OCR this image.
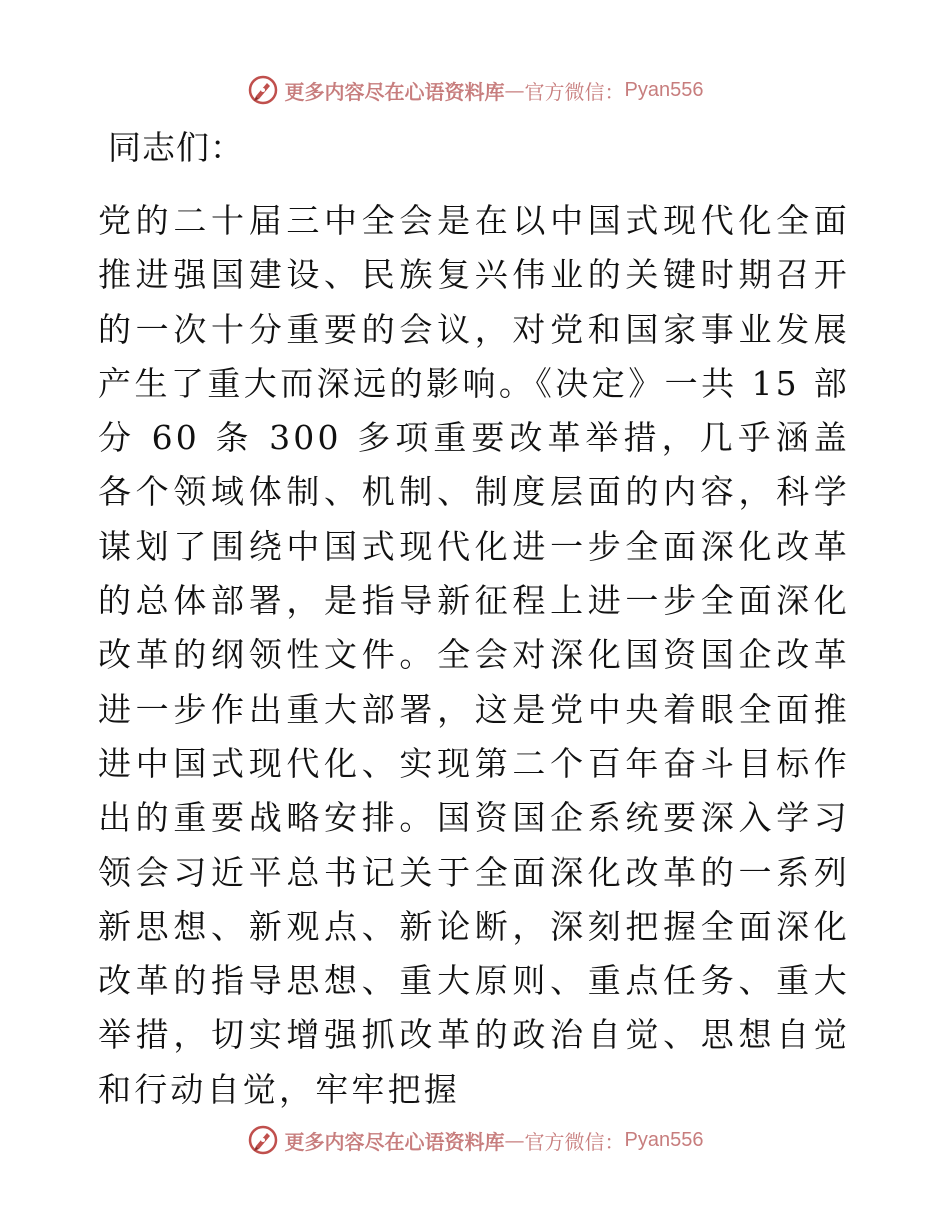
更多内容尽在心语资料库 — 官方微信： Pyan556
同志们：
党的二十届三中全会是在以中国式现代化全面推进强国建设、民族复兴伟业的关键时期召开的一次十分重要的会议，对党和国家事业发展产生了重大而深远的影响。《决定》一共 15 部分 60 条 300 多项重要改革举措，几乎涵盖各个领域体制、机制、制度层面的内容，科学谋划了围绕中国式现代化进一步全面深化改革的总体部署，是指导新征程上进一步全面深化改革的纲领性文件。全会对深化国资国企改革进一步作出重大部署，这是党中央着眼全面推进中国式现代化、实现第二个百年奋斗目标作出的重要战略安排。国资国企系统要深入学习领会习近平总书记关于全面深化改革的一系列新思想、新观点、新论断，深刻把握全面深化改革的指导思想、重大原则、重点任务、重大举措，切实增强抓改革的政治自觉、思想自觉和行动自觉，牢牢把握
更多内容尽在心语资料库 — 官方微信： Pyan556
